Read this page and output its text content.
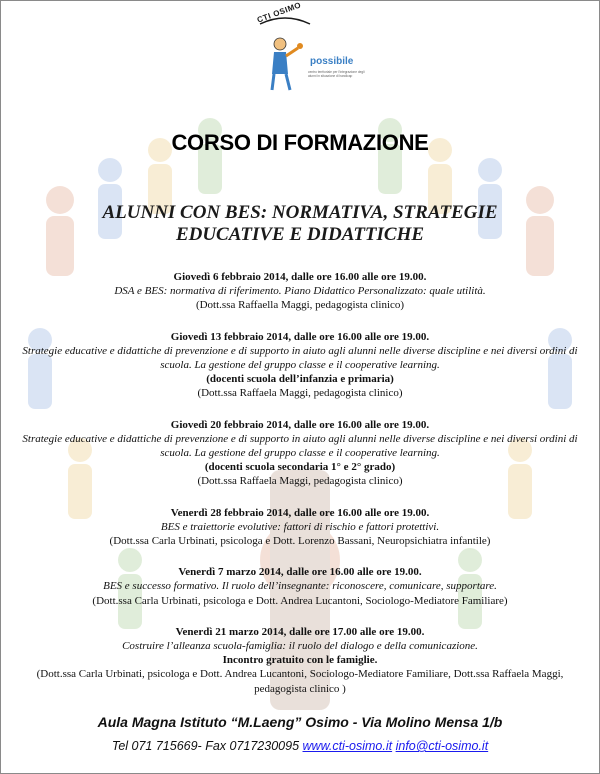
CTI OSIMO
possibile
centro territoriale per l'integrazione degli alunni in situazione di handicap
CORSO DI FORMAZIONE
ALUNNI CON BES: NORMATIVA, STRATEGIE
EDUCATIVE E DIDATTICHE
Giovedì 6 febbraio 2014, dalle ore 16.00 alle ore 19.00.
DSA e BES: normativa di riferimento. Piano Didattico Personalizzato: quale utilità.
(Dott.ssa Raffaella Maggi, pedagogista clinico)
Giovedì 13 febbraio 2014, dalle ore 16.00 alle ore 19.00.
Strategie educative e didattiche di prevenzione e di supporto in aiuto agli alunni nelle diverse discipline e nei diversi ordini di scuola. La gestione del gruppo classe e il cooperative learning.
(docenti scuola dell’infanzia e primaria)
(Dott.ssa Raffaela Maggi, pedagogista clinico)
Giovedì 20 febbraio 2014, dalle ore 16.00 alle ore 19.00.
Strategie educative e didattiche di prevenzione e di supporto in aiuto agli alunni nelle diverse discipline e nei diversi ordini di scuola. La gestione del gruppo classe e il cooperative learning.
(docenti scuola secondaria 1° e 2° grado)
(Dott.ssa Raffaela Maggi, pedagogista clinico)
Venerdì 28 febbraio 2014, dalle ore 16.00 alle ore 19.00.
BES e traiettorie evolutive: fattori di rischio e fattori protettivi.
(Dott.ssa Carla Urbinati, psicologa e Dott. Lorenzo Bassani, Neuropsichiatra infantile)
Venerdì 7 marzo 2014, dalle ore 16.00 alle ore 19.00.
BES e successo formativo. Il ruolo dell’insegnante: riconoscere, comunicare, supportare.
(Dott.ssa Carla Urbinati, psicologa e Dott. Andrea Lucantoni, Sociologo-Mediatore Familiare)
Venerdì 21 marzo 2014, dalle ore 17.00 alle ore 19.00.
Costruire l’alleanza scuola-famiglia: il ruolo del dialogo e della comunicazione.
Incontro gratuito con le famiglie.
(Dott.ssa Carla Urbinati, psicologa e Dott. Andrea Lucantoni, Sociologo-Mediatore Familiare, Dott.ssa Raffaela Maggi, pedagogista clinico )
Aula Magna Istituto “M.Laeng” Osimo - Via Molino Mensa 1/b
Tel 071 715669- Fax 0717230095 www.cti-osimo.it info@cti-osimo.it
